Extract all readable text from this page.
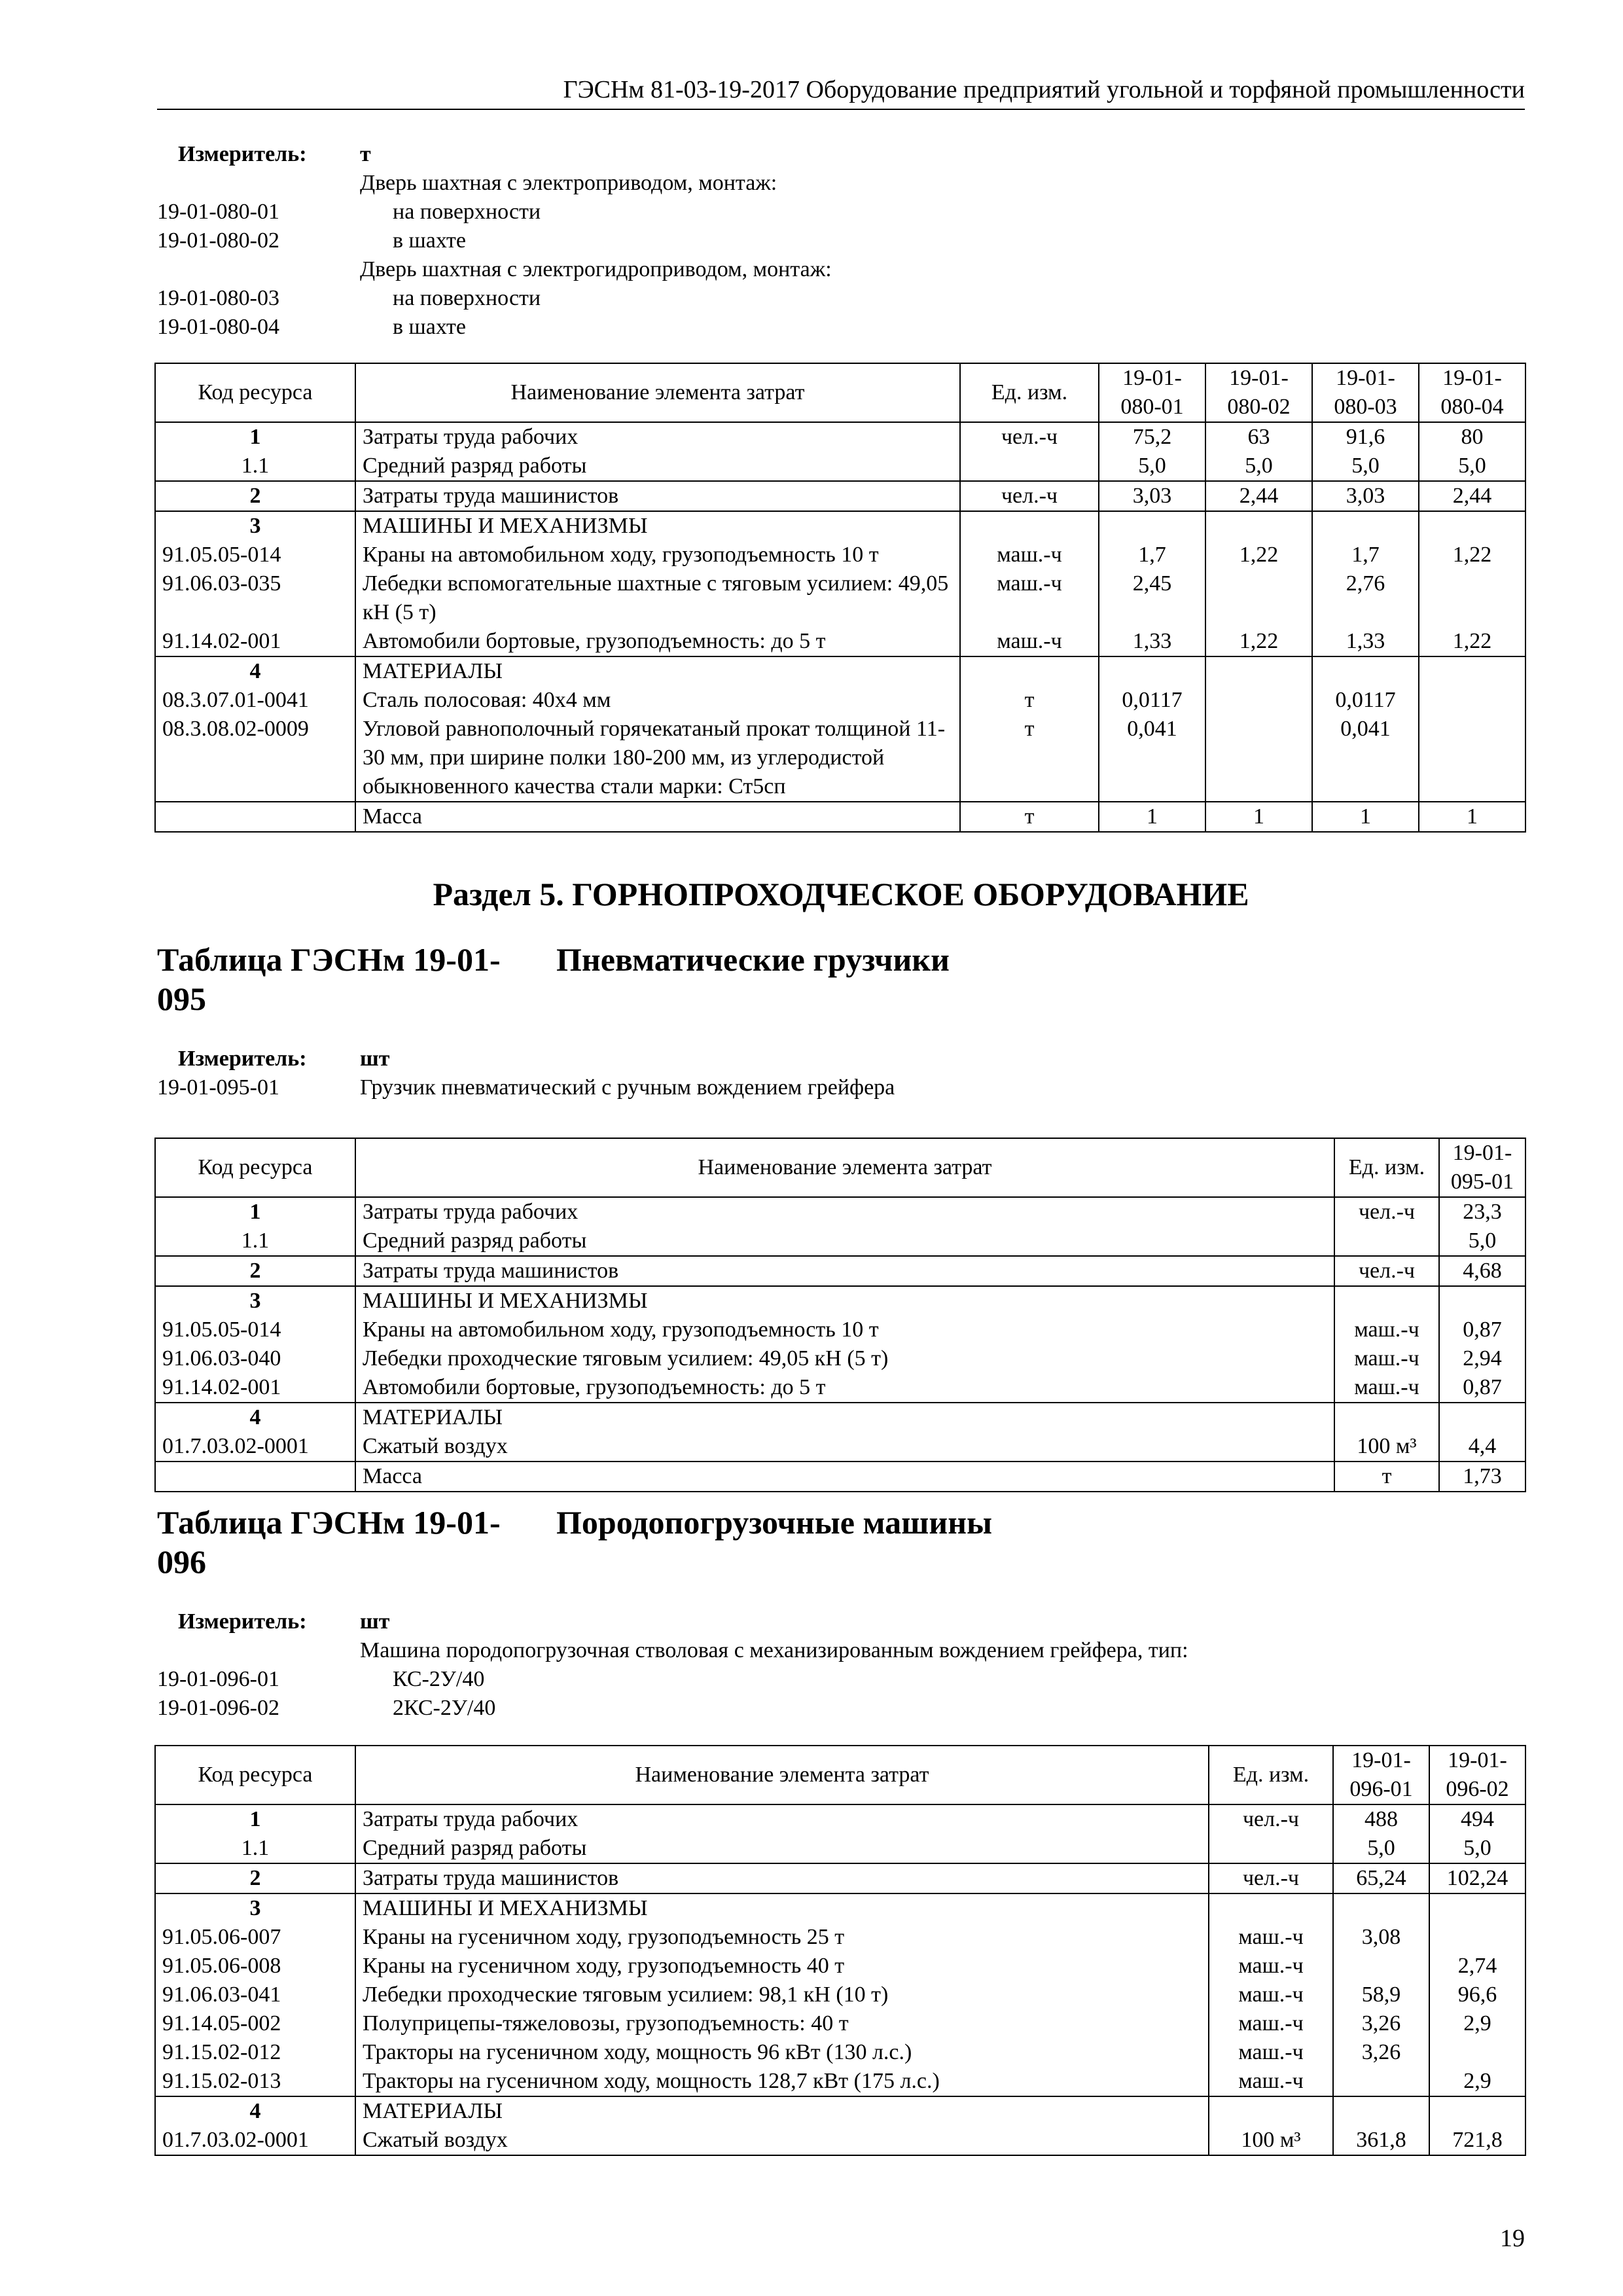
ГЭСНм 81-03-19-2017 Оборудование предприятий угольной и торфяной промышленности
Измеритель:	т
Дверь шахтная с электроприводом, монтаж:
19-01-080-01	на поверхности
19-01-080-02	в шахте
Дверь шахтная с электрогидроприводом, монтаж:
19-01-080-03	на поверхности
19-01-080-04	в шахте
Код ресурса	Наименование элемента затрат	Ед. изм.	19-01-080-01	19-01-080-02	19-01-080-03	19-01-080-04
1	Затраты труда рабочих	чел.-ч	75,2	63	91,6	80
1.1	Средний разряд работы		5,0	5,0	5,0	5,0
2	Затраты труда машинистов	чел.-ч	3,03	2,44	3,03	2,44
3	МАШИНЫ И МЕХАНИЗМЫ					
91.05.05-014	Краны на автомобильном ходу, грузоподъемность 10 т	маш.-ч	1,7	1,22	1,7	1,22
91.06.03-035	Лебедки вспомогательные шахтные с тяговым усилием: 49,05 кН (5 т)	маш.-ч	2,45		2,76	
91.14.02-001	Автомобили бортовые, грузоподъемность: до 5 т	маш.-ч	1,33	1,22	1,33	1,22
4	МАТЕРИАЛЫ					
08.3.07.01-0041	Сталь полосовая: 40х4 мм	т	0,0117		0,0117	
08.3.08.02-0009	Угловой равнополочный горячекатаный прокат толщиной 11-30 мм, при ширине полки 180-200 мм, из углеродистой обыкновенного качества стали марки: Ст5сп	т	0,041		0,041	
	Масса	т	1	1	1	1
Раздел 5. ГОРНОПРОХОДЧЕСКОЕ ОБОРУДОВАНИЕ
Таблица ГЭСНм 19-01-095
Пневматические грузчики
Измеритель:	шт
19-01-095-01	Грузчик пневматический с ручным вождением грейфера
Код ресурса	Наименование элемента затрат	Ед. изм.	19-01-095-01
1	Затраты труда рабочих	чел.-ч	23,3
1.1	Средний разряд работы		5,0
2	Затраты труда машинистов	чел.-ч	4,68
3	МАШИНЫ И МЕХАНИЗМЫ		
91.05.05-014	Краны на автомобильном ходу, грузоподъемность 10 т	маш.-ч	0,87
91.06.03-040	Лебедки проходческие тяговым усилием: 49,05 кН (5 т)	маш.-ч	2,94
91.14.02-001	Автомобили бортовые, грузоподъемность: до 5 т	маш.-ч	0,87
4	МАТЕРИАЛЫ		
01.7.03.02-0001	Сжатый воздух	100 м³	4,4
	Масса	т	1,73
Таблица ГЭСНм 19-01-096
Породопогрузочные машины
Измеритель:	шт
Машина породопогрузочная стволовая с механизированным вождением грейфера, тип:
19-01-096-01	КС-2У/40
19-01-096-02	2КС-2У/40
Код ресурса	Наименование элемента затрат	Ед. изм.	19-01-096-01	19-01-096-02
1	Затраты труда рабочих	чел.-ч	488	494
1.1	Средний разряд работы		5,0	5,0
2	Затраты труда машинистов	чел.-ч	65,24	102,24
3	МАШИНЫ И МЕХАНИЗМЫ			
91.05.06-007	Краны на гусеничном ходу, грузоподъемность 25 т	маш.-ч	3,08	
91.05.06-008	Краны на гусеничном ходу, грузоподъемность 40 т	маш.-ч		2,74
91.06.03-041	Лебедки проходческие тяговым усилием: 98,1 кН (10 т)	маш.-ч	58,9	96,6
91.14.05-002	Полуприцепы-тяжеловозы, грузоподъемность: 40 т	маш.-ч	3,26	2,9
91.15.02-012	Тракторы на гусеничном ходу, мощность 96 кВт (130 л.с.)	маш.-ч	3,26	
91.15.02-013	Тракторы на гусеничном ходу, мощность 128,7 кВт (175 л.с.)	маш.-ч		2,9
4	МАТЕРИАЛЫ			
01.7.03.02-0001	Сжатый воздух	100 м³	361,8	721,8
19
